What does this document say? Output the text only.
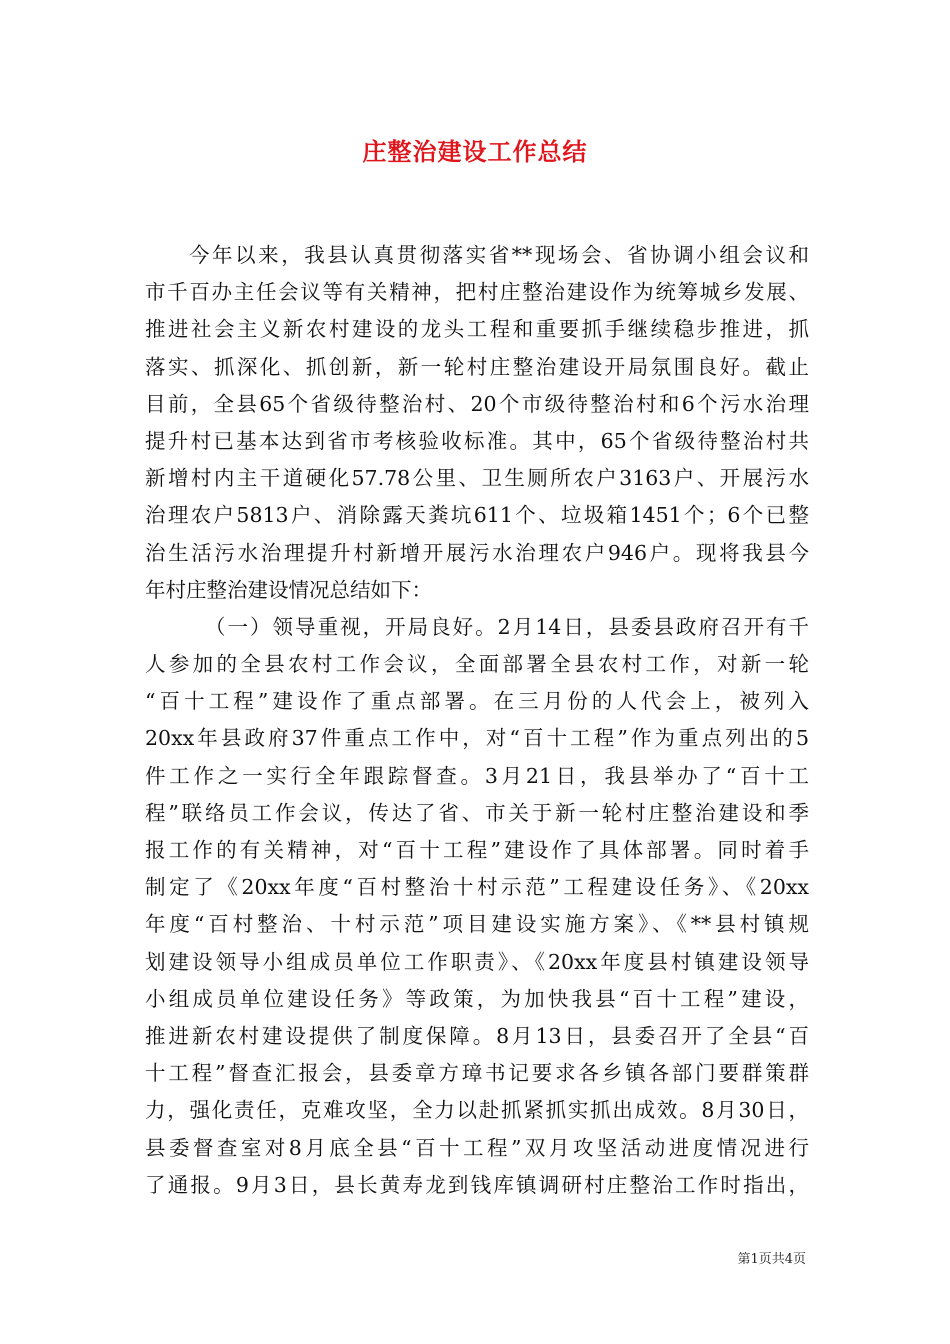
庄整治建设工作总结
今年以来，我县认真贯彻落实省**现场会、省协调小组会议和
市千百办主任会议等有关精神，把村庄整治建设作为统筹城乡发展、
推进社会主义新农村建设的龙头工程和重要抓手继续稳步推进，抓
落实、抓深化、抓创新，新一轮村庄整治建设开局氛围良好。截止
目前，全县65个省级待整治村、20个市级待整治村和6个污水治理
提升村已基本达到省市考核验收标准。其中，65个省级待整治村共
新增村内主干道硬化57.78公里、卫生厕所农户3163户、开展污水
治理农户5813户、消除露天粪坑611个、垃圾箱1451个；6个已整
治生活污水治理提升村新增开展污水治理农户946户。现将我县今
年村庄整治建设情况总结如下：
（一）领导重视，开局良好。2月14日，县委县政府召开有千
人参加的全县农村工作会议，全面部署全县农村工作，对新一轮
“百十工程”建设作了重点部署。在三月份的人代会上，被列入
20xx年县政府37件重点工作中，对“百十工程”作为重点列出的5
件工作之一实行全年跟踪督查。3月21日，我县举办了“百十工
程”联络员工作会议，传达了省、市关于新一轮村庄整治建设和季
报工作的有关精神，对“百十工程”建设作了具体部署。同时着手
制定了《20xx年度“百村整治十村示范”工程建设任务》、《20xx
年度“百村整治、十村示范”项目建设实施方案》、《**县村镇规
划建设领导小组成员单位工作职责》、《20xx年度县村镇建设领导
小组成员单位建设任务》等政策，为加快我县“百十工程”建设，
推进新农村建设提供了制度保障。8月13日，县委召开了全县“百
十工程”督查汇报会，县委章方璋书记要求各乡镇各部门要群策群
力，强化责任，克难攻坚，全力以赴抓紧抓实抓出成效。8月30日，
县委督查室对8月底全县“百十工程”双月攻坚活动进度情况进行
了通报。9月3日，县长黄寿龙到钱库镇调研村庄整治工作时指出，
第1页共4页
